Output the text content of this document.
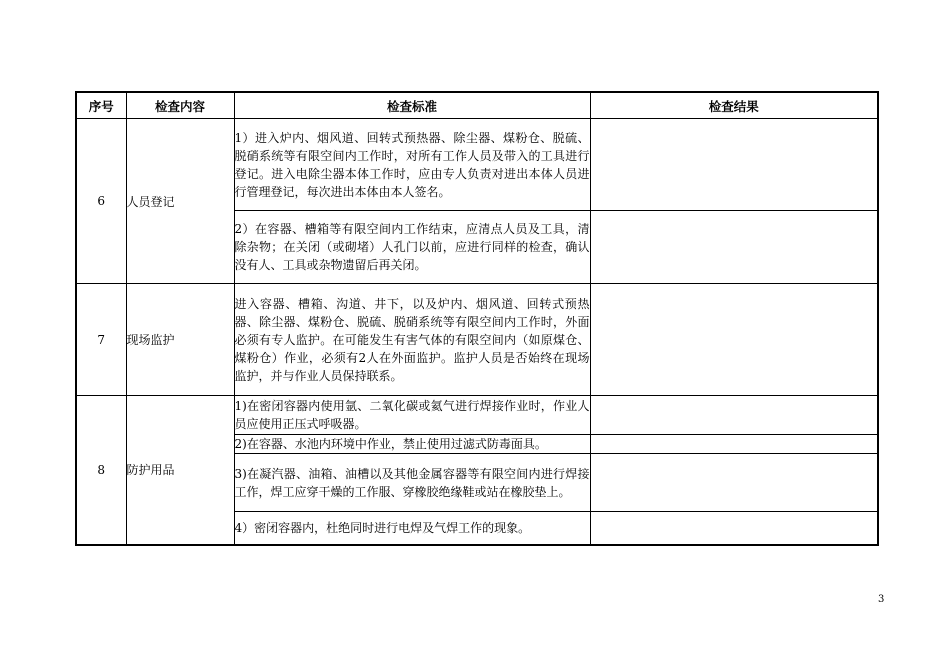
序号	检查内容	检查标准	检查结果
6	人员登记	1）进入炉内、烟风道、回转式预热器、除尘器、煤粉仓、脱硫、脱硝系统等有限空间内工作时，对所有工作人员及带入的工具进行登记。进入电除尘器本体工作时，应由专人负责对进出本体人员进行管理登记，每次进出本体由本人签名。	
		2）在容器、槽箱等有限空间内工作结束，应清点人员及工具，清除杂物；在关闭（或砌堵）人孔门以前，应进行同样的检查，确认没有人、工具或杂物遗留后再关闭。	
7	现场监护	进入容器、槽箱、沟道、井下，以及炉内、烟风道、回转式预热器、除尘器、煤粉仓、脱硫、脱硝系统等有限空间内工作时，外面必须有专人监护。在可能发生有害气体的有限空间内（如原煤仓、煤粉仓）作业，必须有2人在外面监护。监护人员是否始终在现场监护，并与作业人员保持联系。	
8	防护用品	1)在密闭容器内使用氩、二氧化碳或氦气进行焊接作业时，作业人员应使用正压式呼吸器。	
		2)在容器、水池内环境中作业，禁止使用过滤式防毒面具。	
		3)在凝汽器、油箱、油槽以及其他金属容器等有限空间内进行焊接工作，焊工应穿干燥的工作服、穿橡胶绝缘鞋或站在橡胶垫上。	
		4）密闭容器内，杜绝同时进行电焊及气焊工作的现象。	
3
